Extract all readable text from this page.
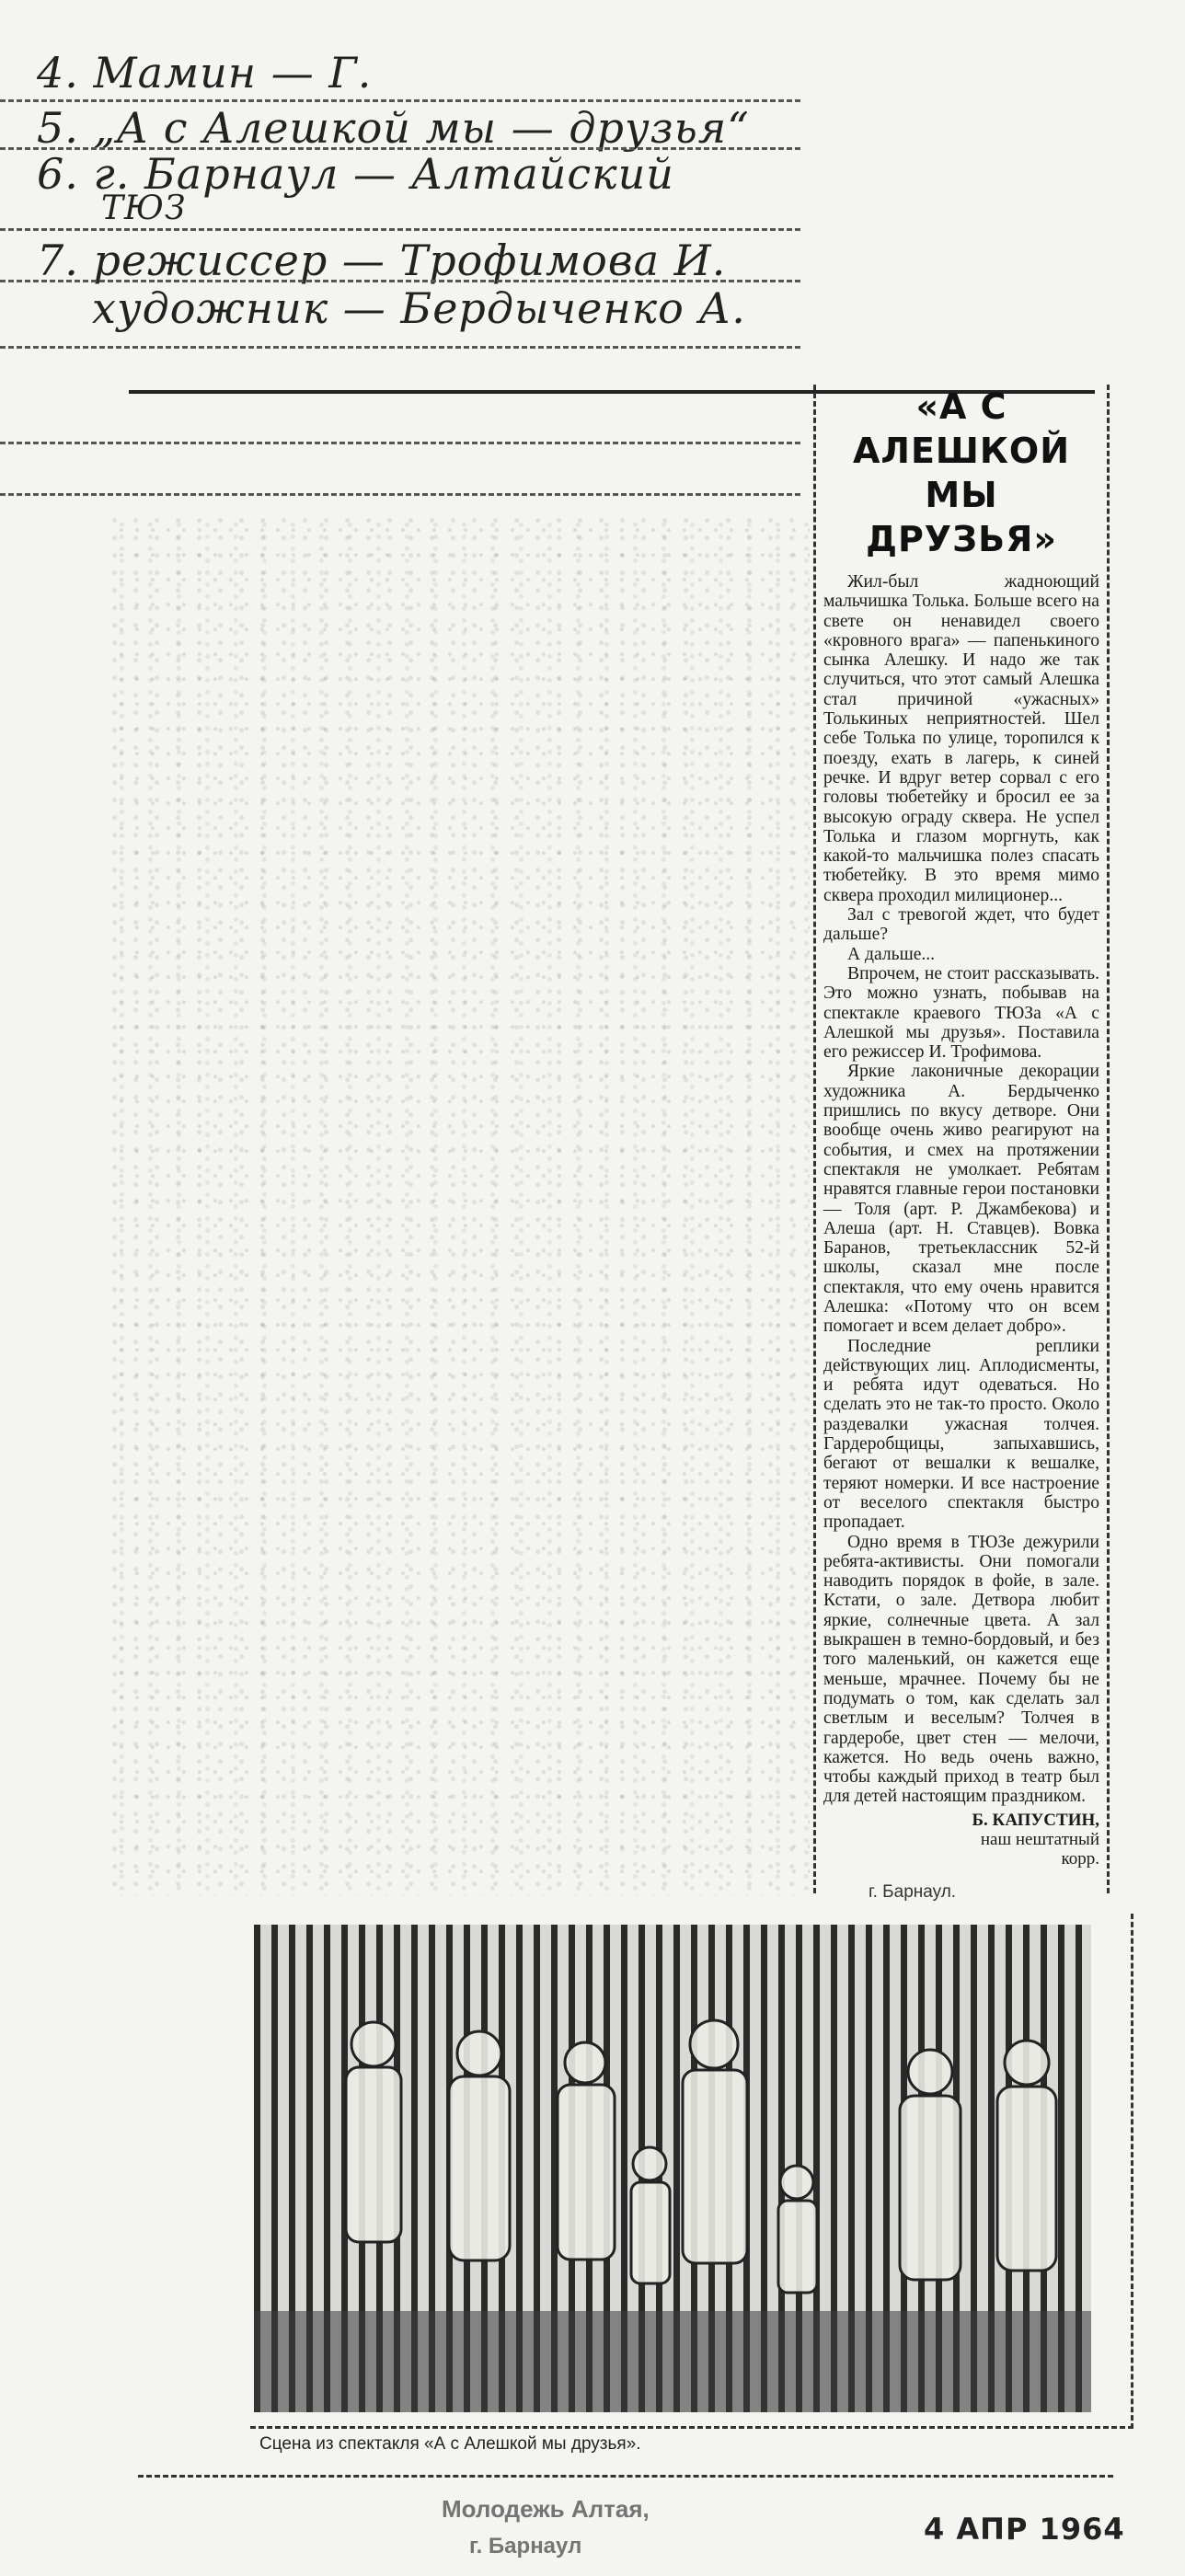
4. Мамин — Г.
5. „А с Алешкой мы — друзья“
6. г. Барнаул — Алтайский
ТЮЗ
7. режиссер — Трофимова И.
художник — Бердыченко А.
«А С АЛЕШКОЙ
МЫ ДРУЗЬЯ»

Жил-был жадноющий мальчишка Толька. Больше всего на свете он ненавидел своего «кровного врага» — папенькиного сынка Алешку. И надо же так случиться, что этот самый Алешка стал причиной «ужасных» Толькиных неприятностей. Шел себе Толька по улице, торопился к поезду, ехать в лагерь, к синей речке. И вдруг ветер сорвал с его головы тюбетейку и бросил ее за высокую ограду сквера. Не успел Толька и глазом моргнуть, как какой-то мальчишка полез спасать тюбетейку. В это время мимо сквера проходил милиционер...

Зал с тревогой ждет, что будет дальше?

А дальше...

Впрочем, не стоит рассказывать. Это можно узнать, побывав на спектакле краевого ТЮЗа «А с Алешкой мы друзья». Поставила его режиссер И. Трофимова.

Яркие лаконичные декорации художника А. Бердыченко пришлись по вкусу детворе. Они вообще очень живо реагируют на события, и смех на протяжении спектакля не умолкает. Ребятам нравятся главные герои постановки — Толя (арт. Р. Джамбекова) и Алеша (арт. Н. Ставцев). Вовка Баранов, третьеклассник 52-й школы, сказал мне после спектакля, что ему очень нравится Алешка: «Потому что он всем помогает и всем делает добро».

Последние реплики действующих лиц. Аплодисменты, и ребята идут одеваться. Но сделать это не так-то просто. Около раздевалки ужасная толчея. Гардеробщицы, запыхавшись, бегают от вешалки к вешалке, теряют номерки. И все настроение от веселого спектакля быстро пропадает.

Одно время в ТЮЗе дежурили ребята-активисты. Они помогали наводить порядок в фойе, в зале. Кстати, о зале. Детвора любит яркие, солнечные цвета. А зал выкрашен в темно-бордовый, и без того маленький, он кажется еще меньше, мрачнее. Почему бы не подумать о том, как сделать зал светлым и веселым? Толчея в гардеробе, цвет стен — мелочи, кажется. Но ведь очень важно, чтобы каждый приход в театр был для детей настоящим праздником.

Б. КАПУСТИН,
наш нештатный
корр.
г. Барнаул.
Сцена из спектакля «А с Алешкой мы друзья».
Молодежь Алтая,
г. Барнаул	4 АПР 1964
